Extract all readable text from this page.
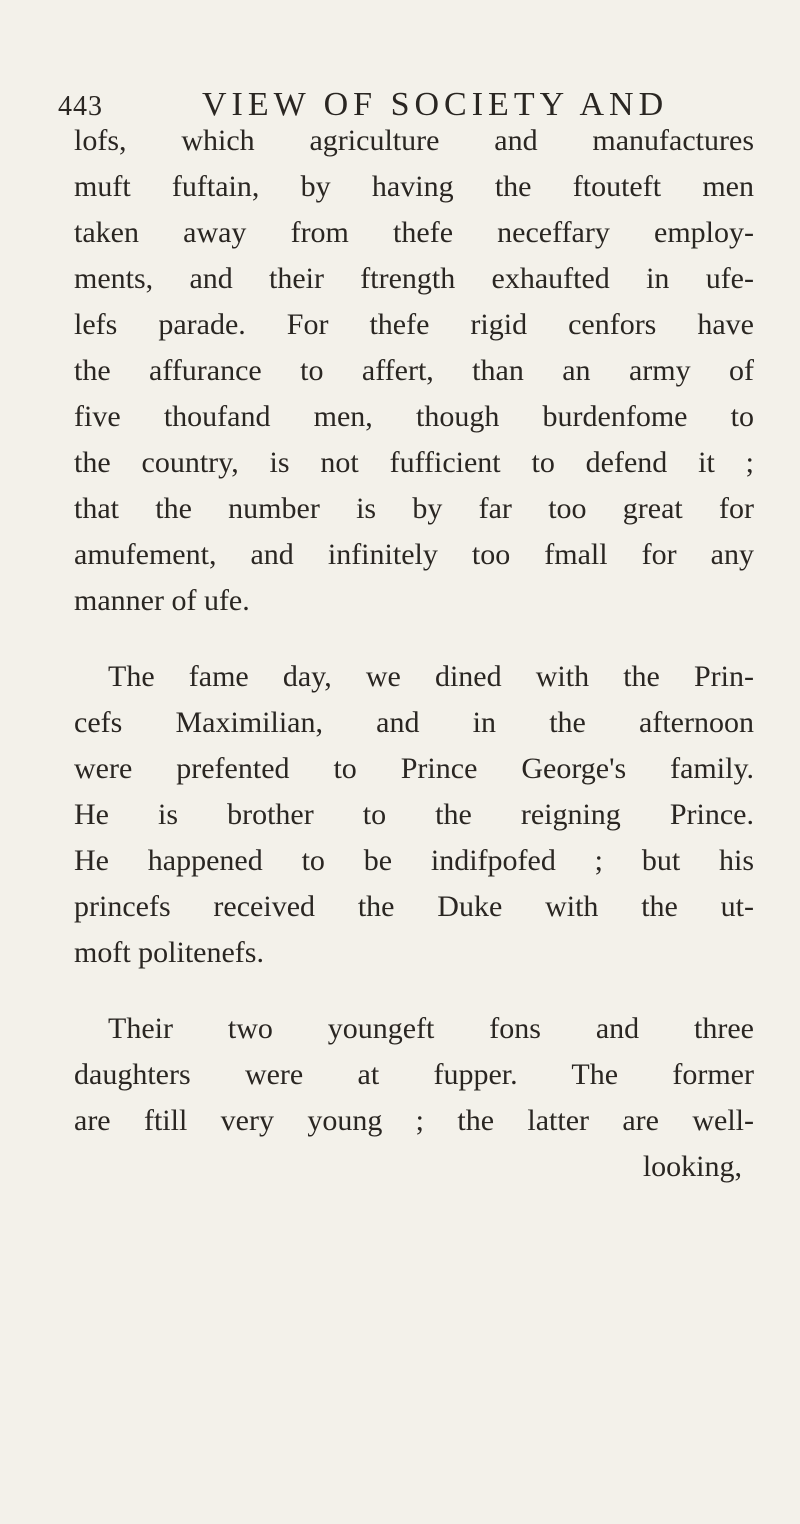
443	VIEW OF SOCIETY AND
lofs, which agriculture and manufactures
muft fuftain, by having the ftouteft men
taken away from thefe neceffary employ-
ments, and their ftrength exhaufted in ufe-
lefs parade. For thefe rigid cenfors have
the affurance to affert, than an army of
five thoufand men, though burdenfome to
the country, is not fufficient to defend it ;
that the number is by far too great for
amufement, and infinitely too fmall for any
manner of ufe.
The fame day, we dined with the Prin-
cefs Maximilian, and in the afternoon
were prefented to Prince George's family.
He is brother to the reigning Prince.
He happened to be indifpofed ; but his
princefs received the Duke with the ut-
moft politenefs.
Their two youngeft fons and three
daughters were at fupper. The former
are ftill very young ; the latter are well-
looking,
